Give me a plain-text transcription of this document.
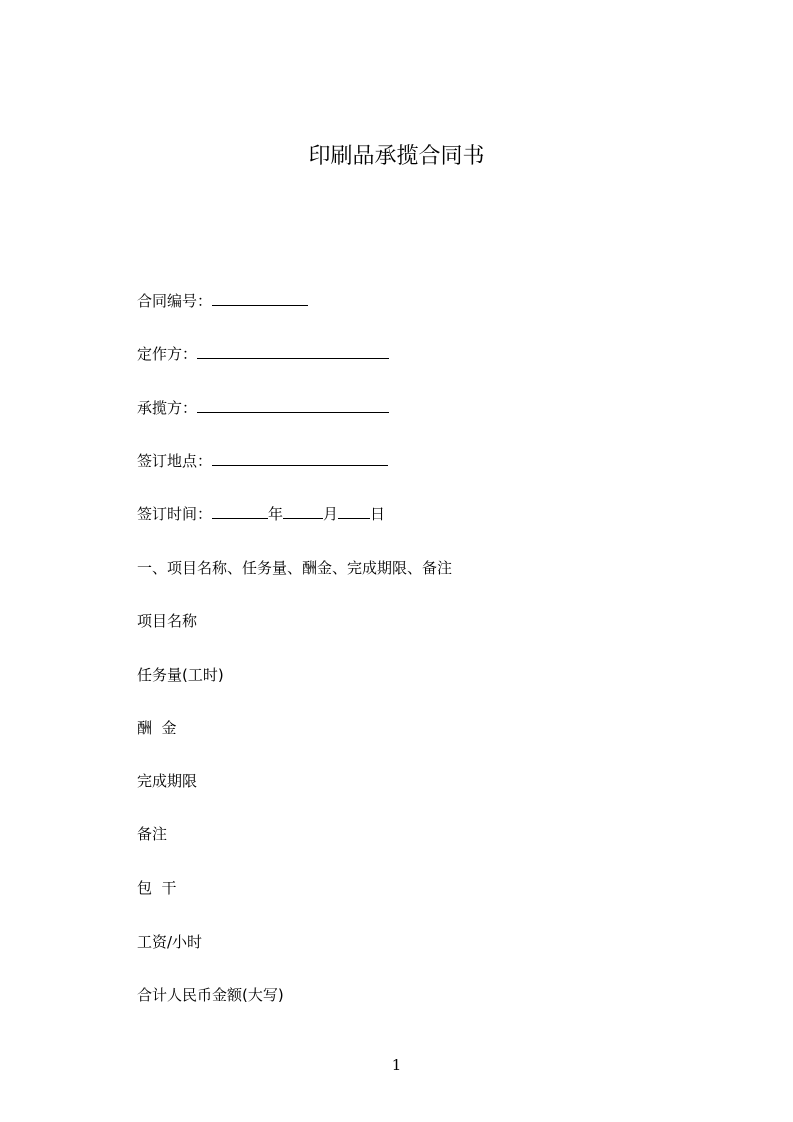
印刷品承揽合同书
合同编号：
定作方：
承揽方：
签订地点：
签订时间：	年	月 日
一、项目名称、任务量、酬金、完成期限、备注
项目名称
任务量(工时)
酬  金
完成期限
备注
包  干
工资/小时
合计人民币金额(大写)
1
